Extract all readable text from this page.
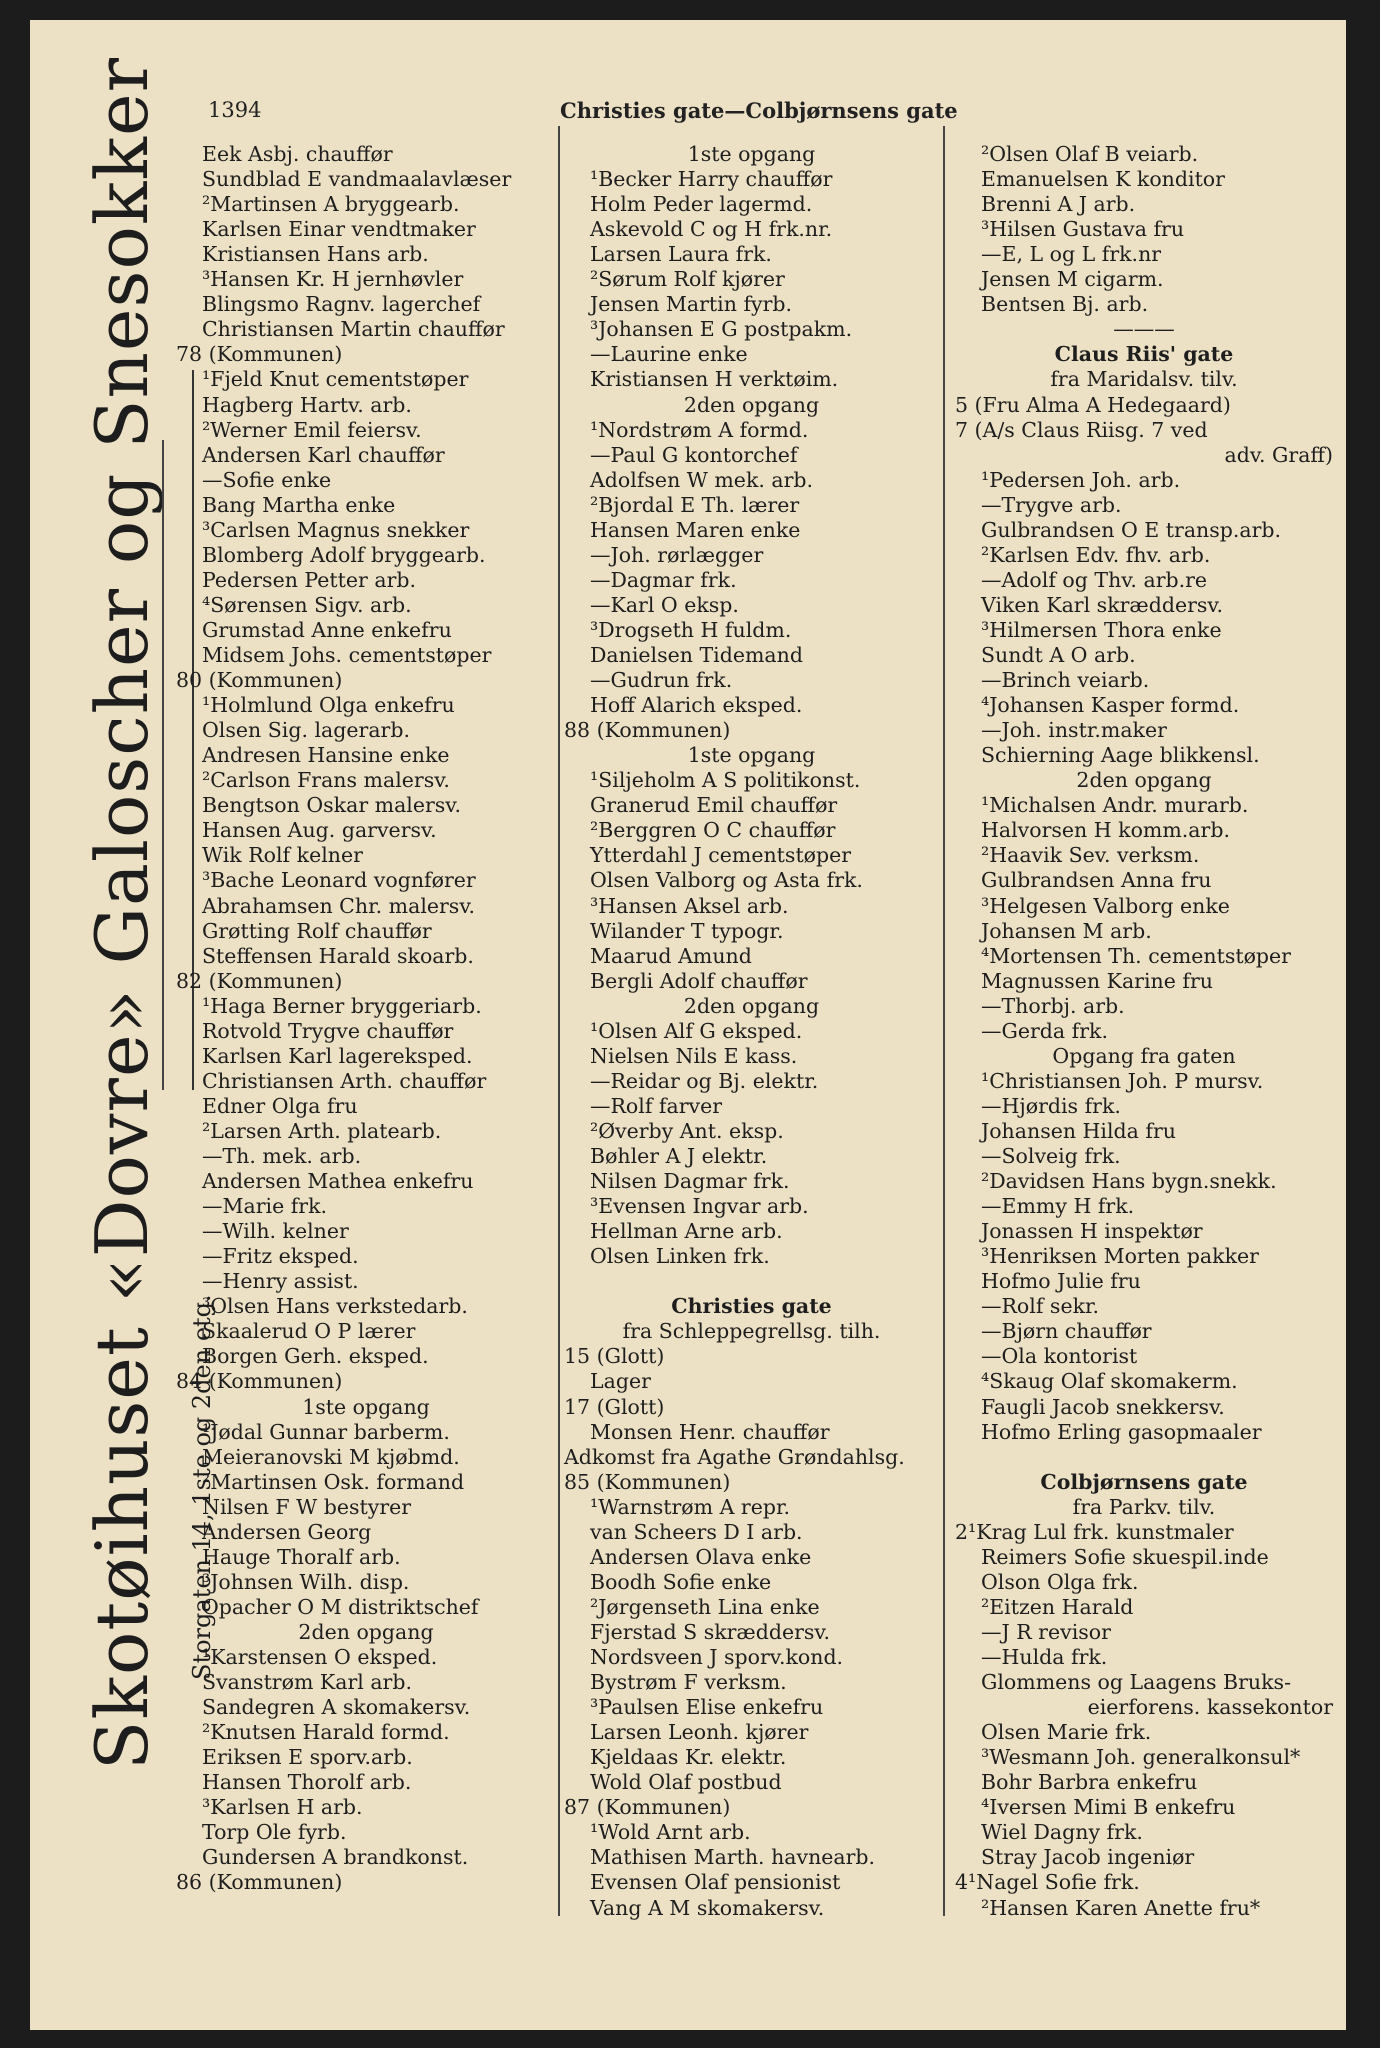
1394	Christies gate—Colbjørnsens gate
Skotøihuset «Dovre» Galoscher og Snesokker Storgaten 14, 1ste og 2den etg.
Eek Asbj. chauffør
Sundblad E vandmaalavlæser
²Martinsen A bryggearb.
Karlsen Einar vendtmaker
Kristiansen Hans arb.
³Hansen Kr. H jernhøvler
Blingsmo Ragnv. lagerchef
Christiansen Martin chauffør
78 (Kommunen)
¹Fjeld Knut cementstøper
Hagberg Hartv. arb.
²Werner Emil feiersv.
Andersen Karl chauffør
—Sofie enke
Bang Martha enke
³Carlsen Magnus snekker
Blomberg Adolf bryggearb.
Pedersen Petter arb.
⁴Sørensen Sigv. arb.
Grumstad Anne enkefru
Midsem Johs. cementstøper
80 (Kommunen)
¹Holmlund Olga enkefru
Olsen Sig. lagerarb.
Andresen Hansine enke
²Carlson Frans malersv.
Bengtson Oskar malersv.
Hansen Aug. garversv.
Wik Rolf kelner
³Bache Leonard vognfører
Abrahamsen Chr. malersv.
Grøtting Rolf chauffør
Steffensen Harald skoarb.
82 (Kommunen)
¹Haga Berner bryggeriarb.
Rotvold Trygve chauffør
Karlsen Karl lagereksped.
Christiansen Arth. chauffør
Edner Olga fru
²Larsen Arth. platearb.
—Th. mek. arb.
Andersen Mathea enkefru
—Marie frk.
—Wilh. kelner
—Fritz eksped.
—Henry assist.
³Olsen Hans verkstedarb.
Skaalerud O P lærer
Borgen Gerh. eksped.
84 (Kommunen)
1ste opgang
¹Jødal Gunnar barberm.
Meieranovski M kjøbmd.
²Martinsen Osk. formand
Nilsen F W bestyrer
Andersen Georg
Hauge Thoralf arb.
³Johnsen Wilh. disp.
Opacher O M distriktschef
2den opgang
¹Karstensen O eksped.
Svanstrøm Karl arb.
Sandegren A skomakersv.
²Knutsen Harald formd.
Eriksen E sporv.arb.
Hansen Thorolf arb.
³Karlsen H arb.
Torp Ole fyrb.
Gundersen A brandkonst.
86 (Kommunen)
1ste opgang
¹Becker Harry chauffør
Holm Peder lagermd.
Askevold C og H frk.nr.
Larsen Laura frk.
²Sørum Rolf kjører
Jensen Martin fyrb.
³Johansen E G postpakm.
—Laurine enke
Kristiansen H verktøim.
2den opgang
¹Nordstrøm A formd.
—Paul G kontorchef
Adolfsen W mek. arb.
²Bjordal E Th. lærer
Hansen Maren enke
—Joh. rørlægger
—Dagmar frk.
—Karl O eksp.
³Drogseth H fuldm.
Danielsen Tidemand
—Gudrun frk.
Hoff Alarich eksped.
88 (Kommunen)
1ste opgang
¹Siljeholm A S politikonst.
Granerud Emil chauffør
²Berggren O C chauffør
Ytterdahl J cementstøper
Olsen Valborg og Asta frk.
³Hansen Aksel arb.
Wilander T typogr.
Maarud Amund
Bergli Adolf chauffør
2den opgang
¹Olsen Alf G eksped.
Nielsen Nils E kass.
—Reidar og Bj. elektr.
—Rolf farver
²Øverby Ant. eksp.
Bøhler A J elektr.
Nilsen Dagmar frk.
³Evensen Ingvar arb.
Hellman Arne arb.
Olsen Linken frk.
Christies gate
fra Schleppegrellsg. tilh.
15 (Glott)
Lager
17 (Glott)
Monsen Henr. chauffør
Adkomst fra Agathe Grøndahlsg.
85 (Kommunen)
¹Warnstrøm A repr.
van Scheers D I arb.
Andersen Olava enke
Boodh Sofie enke
²Jørgenseth Lina enke
Fjerstad S skræddersv.
Nordsveen J sporv.kond.
Bystrøm F verksm.
³Paulsen Elise enkefru
Larsen Leonh. kjører
Kjeldaas Kr. elektr.
Wold Olaf postbud
87 (Kommunen)
¹Wold Arnt arb.
Mathisen Marth. havnearb.
Evensen Olaf pensionist
Vang A M skomakersv.
²Olsen Olaf B veiarb.
Emanuelsen K konditor
Brenni A J arb.
³Hilsen Gustava fru
—E, L og L frk.nr
Jensen M cigarm.
Bentsen Bj. arb.
———
Claus Riis' gate
fra Maridalsv. tilv.
5 (Fru Alma A Hedegaard)
7 (A/s Claus Riisg. 7 ved
adv. Graff)
¹Pedersen Joh. arb.
—Trygve arb.
Gulbrandsen O E transp.arb.
²Karlsen Edv. fhv. arb.
—Adolf og Thv. arb.re
Viken Karl skræddersv.
³Hilmersen Thora enke
Sundt A O arb.
—Brinch veiarb.
⁴Johansen Kasper formd.
—Joh. instr.maker
Schierning Aage blikkensl.
2den opgang
¹Michalsen Andr. murarb.
Halvorsen H komm.arb.
²Haavik Sev. verksm.
Gulbrandsen Anna fru
³Helgesen Valborg enke
Johansen M arb.
⁴Mortensen Th. cementstøper
Magnussen Karine fru
—Thorbj. arb.
—Gerda frk.
Opgang fra gaten
¹Christiansen Joh. P mursv.
—Hjørdis frk.
Johansen Hilda fru
—Solveig frk.
²Davidsen Hans bygn.snekk.
—Emmy H frk.
Jonassen H inspektør
³Henriksen Morten pakker
Hofmo Julie fru
—Rolf sekr.
—Bjørn chauffør
—Ola kontorist
⁴Skaug Olaf skomakerm.
Faugli Jacob snekkersv.
Hofmo Erling gasopmaaler
Colbjørnsens gate
fra Parkv. tilv.
2¹Krag Lul frk. kunstmaler
Reimers Sofie skuespil.inde
Olson Olga frk.
²Eitzen Harald
—J R revisor
—Hulda frk.
Glommens og Laagens Bruks-
eierforens. kassekontor
Olsen Marie frk.
³Wesmann Joh. generalkonsul*
Bohr Barbra enkefru
⁴Iversen Mimi B enkefru
Wiel Dagny frk.
Stray Jacob ingeniør
4¹Nagel Sofie frk.
²Hansen Karen Anette fru*
